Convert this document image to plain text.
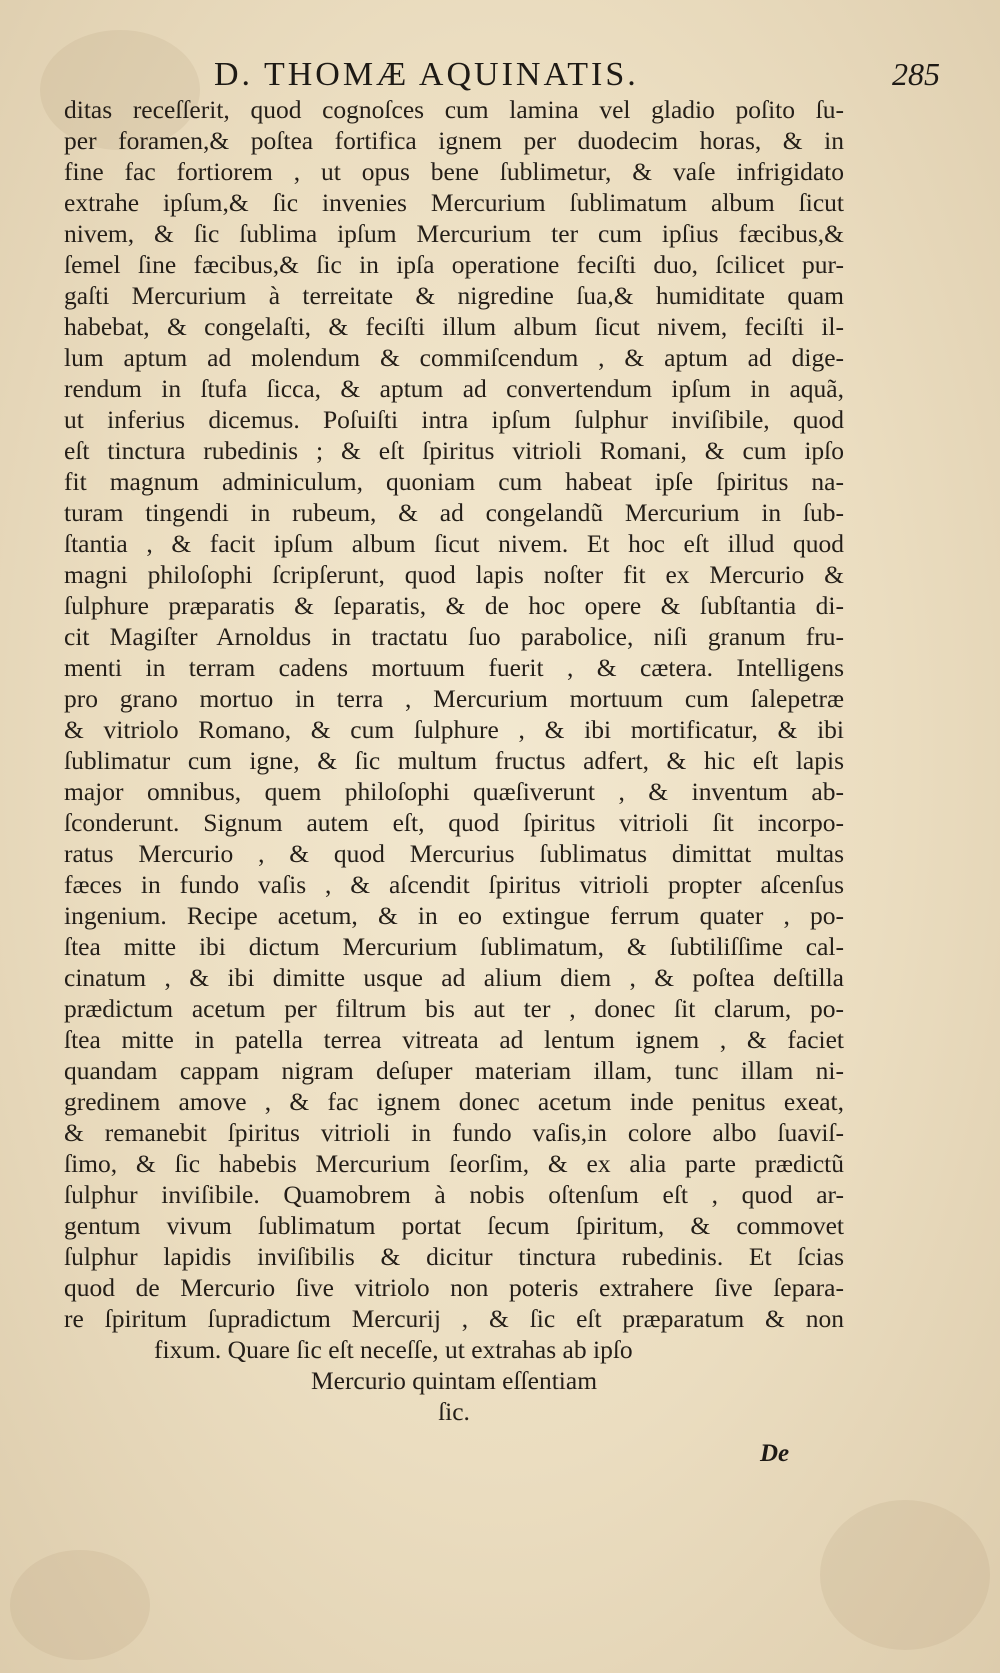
D. THOMÆ AQUINATIS.	285
ditas receſſerit, quod cognoſces cum lamina vel gladio poſito ſu-
per foramen,& poſtea fortifica ignem per duodecim horas, & in
fine fac fortiorem , ut opus bene ſublimetur, & vaſe infrigidato
extrahe ipſum,& ſic invenies Mercurium ſublimatum album ſicut
nivem, & ſic ſublima ipſum Mercurium ter cum ipſius fæcibus,&
ſemel ſine fæcibus,& ſic in ipſa operatione feciſti duo, ſcilicet pur-
gaſti Mercurium à terreitate & nigredine ſua,& humiditate quam
habebat, & congelaſti, & feciſti illum album ſicut nivem, feciſti il-
lum aptum ad molendum & commiſcendum , & aptum ad dige-
rendum in ſtufa ſicca, & aptum ad convertendum ipſum in aquã,
ut inferius dicemus. Poſuiſti intra ipſum ſulphur inviſibile, quod
eſt tinctura rubedinis ; & eſt ſpiritus vitrioli Romani, & cum ipſo
fit magnum adminiculum, quoniam cum habeat ipſe ſpiritus na-
turam tingendi in rubeum, & ad congelandũ Mercurium in ſub-
ſtantia , & facit ipſum album ſicut nivem. Et hoc eſt illud quod
magni philoſophi ſcripſerunt, quod lapis noſter fit ex Mercurio &
ſulphure præparatis & ſeparatis, & de hoc opere & ſubſtantia di-
cit Magiſter Arnoldus in tractatu ſuo parabolice, niſi granum fru-
menti in terram cadens mortuum fuerit , & cætera. Intelligens
pro grano mortuo in terra , Mercurium mortuum cum ſalepetræ
& vitriolo Romano, & cum ſulphure , & ibi mortificatur, & ibi
ſublimatur cum igne, & ſic multum fructus adfert, & hic eſt lapis
major omnibus, quem philoſophi quæſiverunt , & inventum ab-
ſconderunt. Signum autem eſt, quod ſpiritus vitrioli ſit incorpo-
ratus Mercurio , & quod Mercurius ſublimatus dimittat multas
fæces in fundo vaſis , & aſcendit ſpiritus vitrioli propter aſcenſus
ingenium. Recipe acetum, & in eo extingue ferrum quater , po-
ſtea mitte ibi dictum Mercurium ſublimatum, & ſubtiliſſime cal-
cinatum , & ibi dimitte usque ad alium diem , & poſtea deſtilla
prædictum acetum per filtrum bis aut ter , donec ſit clarum, po-
ſtea mitte in patella terrea vitreata ad lentum ignem , & faciet
quandam cappam nigram deſuper materiam illam, tunc illam ni-
gredinem amove , & fac ignem donec acetum inde penitus exeat,
& remanebit ſpiritus vitrioli in fundo vaſis,in colore albo ſuaviſ-
ſimo, & ſic habebis Mercurium ſeorſim, & ex alia parte prædictũ
ſulphur inviſibile. Quamobrem à nobis oſtenſum eſt , quod ar-
gentum vivum ſublimatum portat ſecum ſpiritum, & commovet
ſulphur lapidis inviſibilis & dicitur tinctura rubedinis. Et ſcias
quod de Mercurio ſive vitriolo non poteris extrahere ſive ſepara-
re ſpiritum ſupradictum Mercurij , & ſic eſt præparatum & non
fixum. Quare ſic eſt neceſſe, ut extrahas ab ipſo
Mercurio quintam eſſentiam
ſic.
De
